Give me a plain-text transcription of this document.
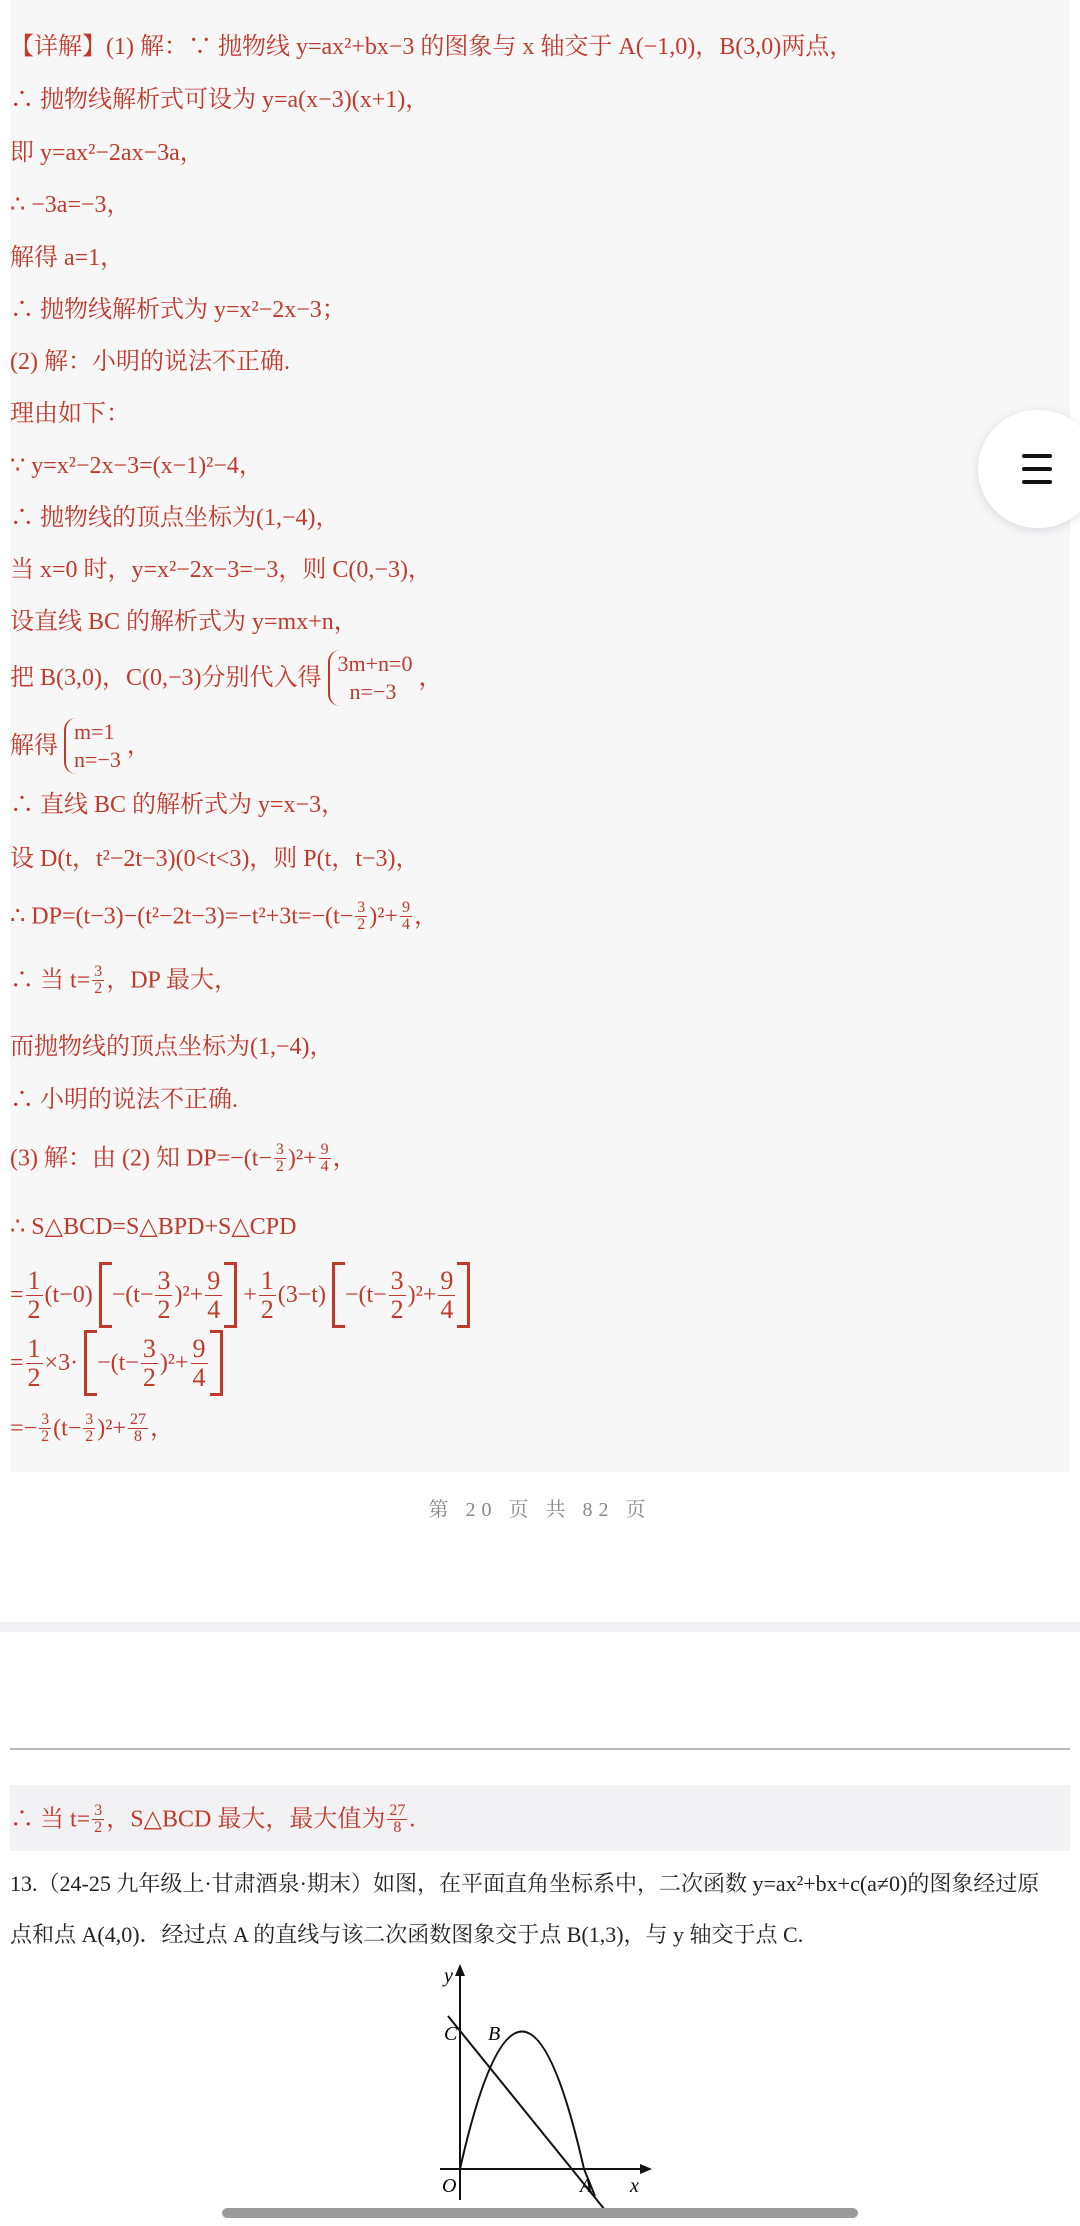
【详解】(1) 解：∵ 抛物线 y=ax²+bx−3 的图象与 x 轴交于 A(−1,0)，B(3,0)两点，
∴ 抛物线解析式可设为 y=a(x−3)(x+1)，
即 y=ax²−2ax−3a，
∴ −3a=−3，
解得 a=1，
∴ 抛物线解析式为 y=x²−2x−3；
(2) 解：小明的说法不正确.
理由如下：
∵ y=x²−2x−3=(x−1)²−4，
∴ 抛物线的顶点坐标为(1,−4)，
当 x=0 时，y=x²−2x−3=−3，则 C(0,−3)，
设直线 BC 的解析式为 y=mx+n，
把 B(3,0)，C(0,−3)分别代入得
3m+n=0
n=−3
，
解得
m=1
n=−3
，
∴ 直线 BC 的解析式为 y=x−3，
设 D(t，t²−2t−3)(0<t<3)，则 P(t，t−3)，
∴ $DP=(t-3)-(t^2-2t-3)=-t^2+3t=-(t- \frac{3}{2} )^2+ \frac{9}{4}$ ，
∴ 当 $t= \frac{3}{2}$ ，DP 最大，
而抛物线的顶点坐标为(1,−4)，
∴ 小明的说法不正确.
(3) 解：由 (2) 知 $DP=-(t- \frac{3}{2} )^2+ \frac{9}{4}$ ，
∴ S△BCD=S△BPD+S△CPD
= $\frac{1}{2} (t-0) -(t- \frac{3}{2} )^2+ \frac{9}{4} + \frac{1}{2} (3-t) -(t- \frac{3}{2} )^2+ \frac{9}{4}$
= $\frac{1}{2} \times 3\cdot -(t- \frac{3}{2} )^2+ \frac{9}{4}$
=− $\frac{3}{2} (t- \frac{3}{2} )^2+ \frac{27}{8}$ ，
第 20 页 共 82 页
∴ 当 $t= \frac{3}{2}$ ，S△BCD 最大，最大值为 $\frac{27}{8}$ .
13.（24-25 九年级上·甘肃酒泉·期末）如图，在平面直角坐标系中，二次函数 y=ax²+bx+c(a≠0)的图象经过原
点和点 A(4,0)．经过点 A 的直线与该二次函数图象交于点 B(1,3)，与 y 轴交于点 C.
y
x
C B
O	A
